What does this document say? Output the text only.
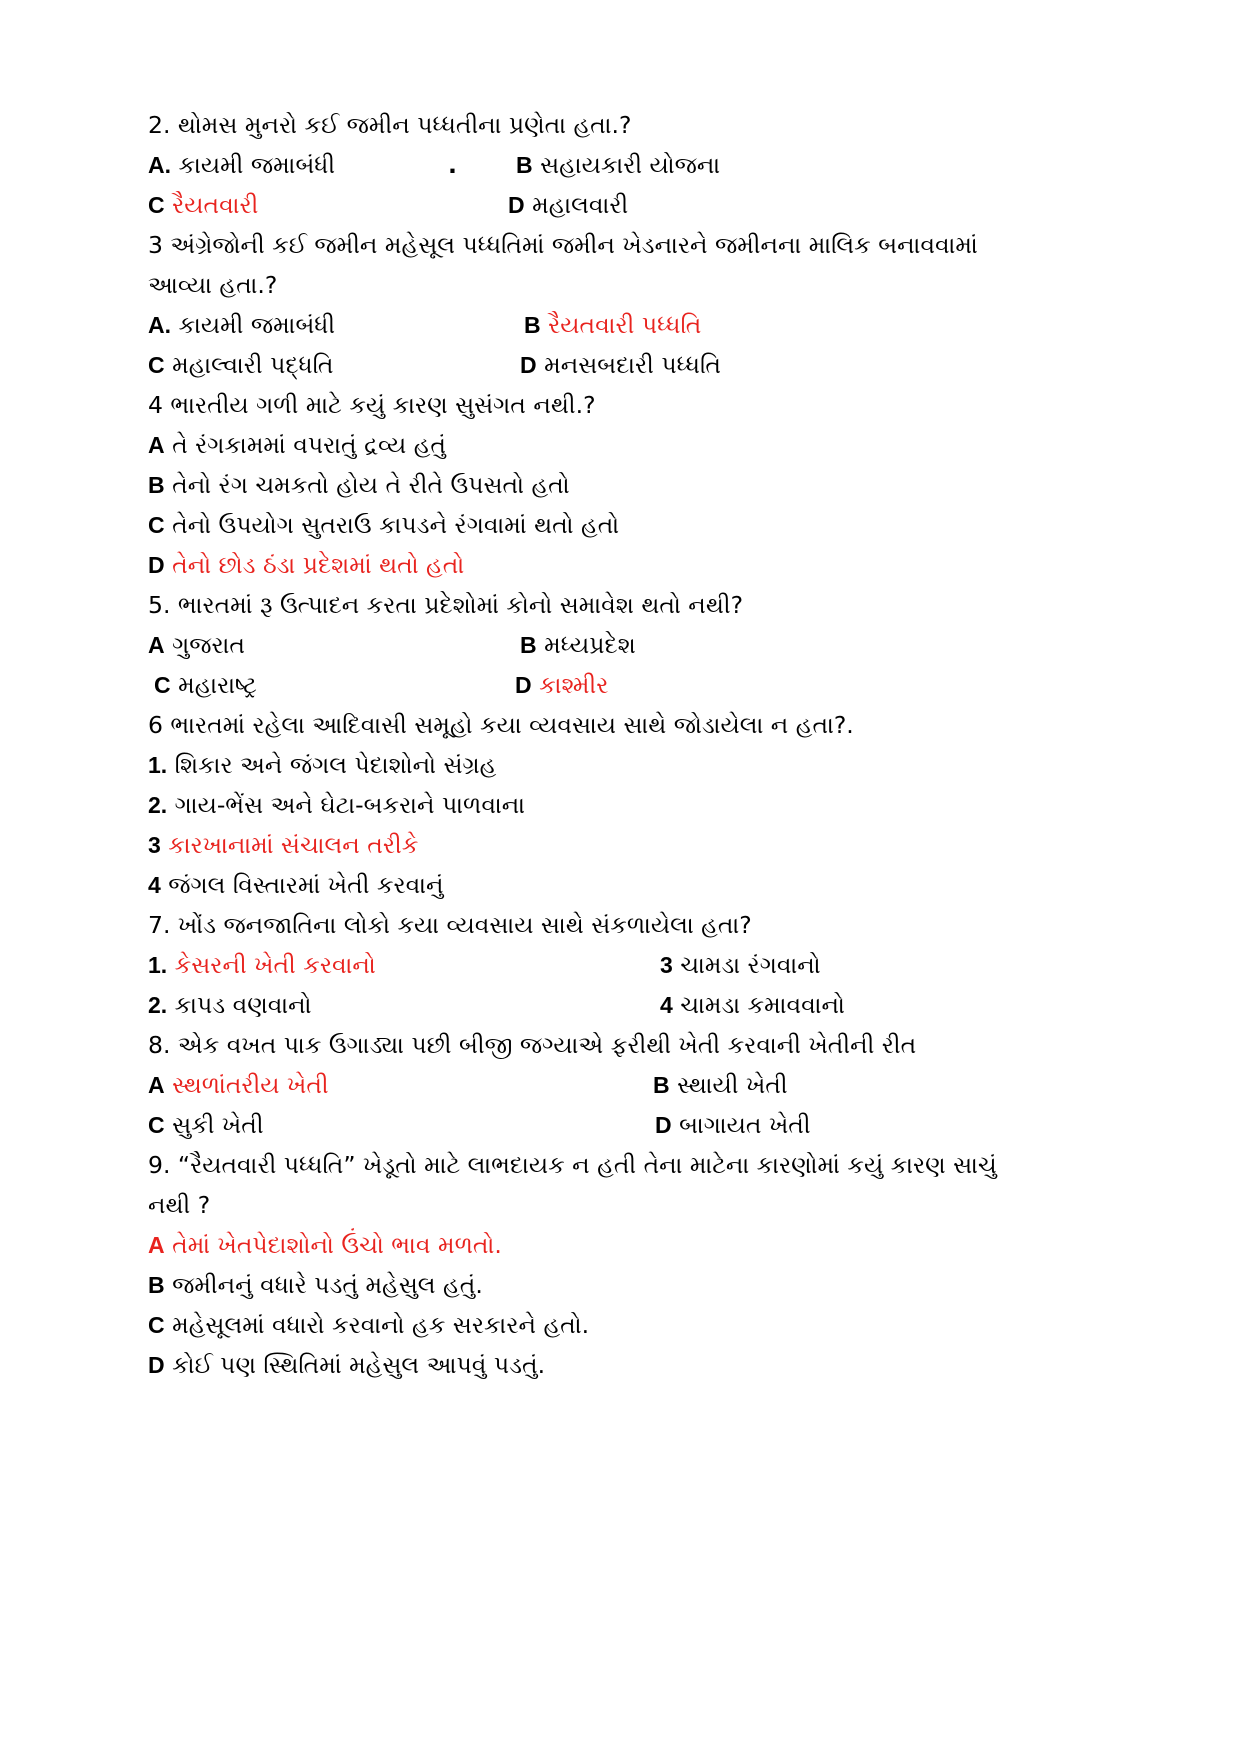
2. થોમસ મુનરો કઈ જમીન પધ્ધતીના પ્રણેતા હતા.?
A. કાયમી જમાબંધી	.	B સહાયકારી યોજના
C રૈયતવારી	D મહાલવારી
3 અંગ્રેજોની કઈ જમીન મહેસૂલ પધ્ધતિમાં જમીન ખેડનારને જમીનના માલિક બનાવવામાં
આવ્યા હતા.?
A. કાયમી જમાબંધી	B રૈયતવારી પધ્ધતિ
C મહાલ્વારી પદ્ધતિ	D મનસબદારી પધ્ધતિ
4 ભારતીય ગળી માટે કયું કારણ સુસંગત નથી.?
A તે રંગકામમાં વપરાતું દ્રવ્ય હતું
B તેનો રંગ ચમકતો હોય તે રીતે ઉપસતો હતો
C તેનો ઉપયોગ સુતરાઉ કાપડને રંગવામાં થતો હતો
D તેનો છોડ ઠંડા પ્રદેશમાં થતો હતો
5. ભારતમાં રૂ ઉત્પાદન કરતા પ્રદેશોમાં કોનો સમાવેશ થતો નથી?
A ગુજરાત	B મધ્યપ્રદેશ
C મહારાષ્ટ્ર	D કાશ્મીર
6 ભારતમાં રહેલા આદિવાસી સમૂહો કયા વ્યવસાય સાથે જોડાયેલા ન હતા?.
1. શિકાર અને જંગલ પેદાશોનો સંગ્રહ
2. ગાય-ભેંસ અને ઘેટા-બકરાને પાળવાના
3 કારખાનામાં સંચાલન તરીકે
4 જંગલ વિસ્તારમાં ખેતી કરવાનું
7. ખોંડ જનજાતિના લોકો કયા વ્યવસાય સાથે સંકળાયેલા હતા?
1. કેસરની ખેતી કરવાનો	3 ચામડા રંગવાનો
2. કાપડ વણવાનો	4 ચામડા કમાવવાનો
8. એક વખત પાક ઉગાડ્યા પછી બીજી જગ્યાએ ફરીથી ખેતી કરવાની ખેતીની રીત
A સ્થળાંતરીય ખેતી	B સ્થાયી ખેતી
C સુકી ખેતી	D બાગાયત ખેતી
9. “રૈયતવારી પધ્ધતિ” ખેડૂતો માટે લાભદાયક ન હતી તેના માટેના કારણોમાં કયું કારણ સાચું
નથી ?
A તેમાં ખેતપેદાશોનો ઉંચો ભાવ મળતો.
B જમીનનું વધારે પડતું મહેસુલ હતું.
C મહેસૂલમાં વધારો કરવાનો હક સરકારને હતો.
D કોઈ પણ સ્થિતિમાં મહેસુલ આપવું પડતું.
